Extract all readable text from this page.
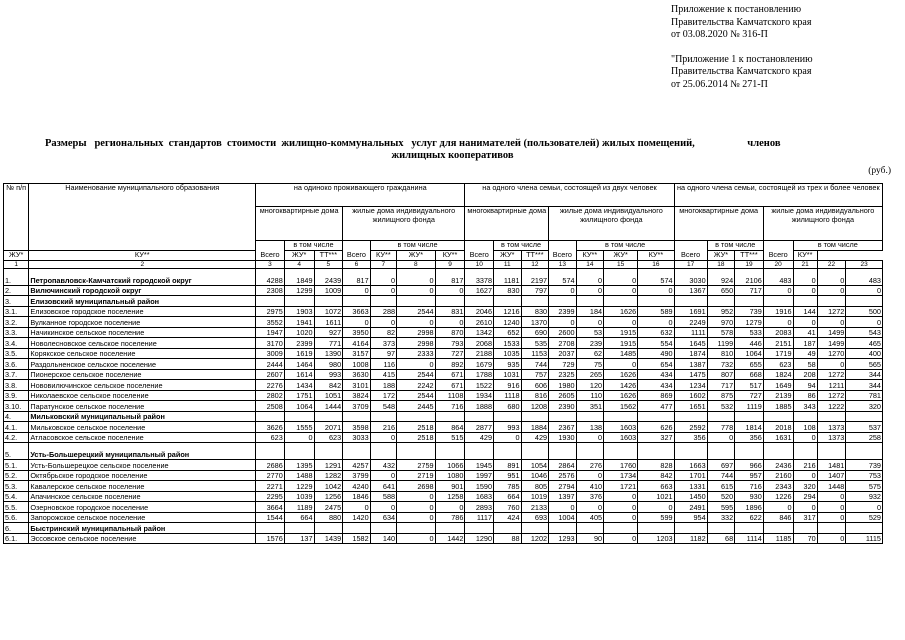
Приложение к постановлению
Правительства Камчатского края
от 03.08.2020 № 316-П
"Приложение 1 к постановлению
Правительства Камчатского края
от 25.06.2014 № 271-П
Размеры   региональных  стандартов  стоимости  жилищно-коммунальных   услуг для нанимателей (пользователей) жилых помещений,                    членов
жилищных кооперативов
(руб.)
№ п/п	Наименование муниципального образования	на одиноко проживающего гражданина							на одного члена семьи, состоящей из двух человек							на одного члена семьи, состоящей из трех и более человек						
		многоквартирные дома			жилые дома индивидуального жилищного фонда				многоквартирные дома			жилые дома индивидуального жилищного фонда				многоквартирные дома			жилые дома индивидуального жилищного фонда			
		Всего	в том числе		Всего	в том числе			Всего	в том числе		Всего	в том числе			Всего	в том числе		Всего	в том числе		
ЖУ*	КУ**		ЖУ*	ТТ***		КУ**	ЖУ*	КУ**		ЖУ*	ТТ***		КУ**	ЖУ*	КУ**		ЖУ*	ТТ***		КУ**		
1	2	3	4	5	6	7	8	9	10	11	12	13	14	15	16	17	18	19	20	21	22	23
1.	Петропавловск-Камчатский городской округ	4288	1849	2439	817	0	0	817	3378	1181	2197	574	0	0	574	3030	924	2106	483	0	0	483
2.	Вилючинский городской округ	2308	1299	1009	0	0	0	0	1627	830	797	0	0	0	0	1367	650	717	0	0	0	0
3.	Елизовский муниципальный район																					
3.1.	Елизовское городское поселение	2975	1903	1072	3663	288	2544	831	2046	1216	830	2399	184	1626	589	1691	952	739	1916	144	1272	500
3.2.	Вулканное городское поселение	3552	1941	1611	0	0	0	0	2610	1240	1370	0	0	0	0	2249	970	1279	0	0	0	0
3.3.	Начикинское сельское поселение	1947	1020	927	3950	82	2998	870	1342	652	690	2600	53	1915	632	1111	578	533	2083	41	1499	543
3.4.	Новолесновское сельское поселение	3170	2399	771	4164	373	2998	793	2068	1533	535	2708	239	1915	554	1645	1199	446	2151	187	1499	465
3.5.	Корякское сельское поселение	3009	1619	1390	3157	97	2333	727	2188	1035	1153	2037	62	1485	490	1874	810	1064	1719	49	1270	400
3.6.	Раздольненское сельское поселение	2444	1464	980	1008	116	0	892	1679	935	744	729	75	0	654	1387	732	655	623	58	0	565
3.7.	Пионерское сельское поселение	2607	1614	993	3630	415	2544	671	1788	1031	757	2325	265	1626	434	1475	807	668	1824	208	1272	344
3.8.	Нововилючинское сельское поселение	2276	1434	842	3101	188	2242	671	1522	916	606	1980	120	1426	434	1234	717	517	1649	94	1211	344
3.9.	Николаевское сельское поселение	2802	1751	1051	3824	172	2544	1108	1934	1118	816	2605	110	1626	869	1602	875	727	2139	86	1272	781
3.10.	Паратунское сельское поселение	2508	1064	1444	3709	548	2445	716	1888	680	1208	2390	351	1562	477	1651	532	1119	1885	343	1222	320
4.	Мильковский муниципальный район																					
4.1.	Мильковское сельское поселение	3626	1555	2071	3598	216	2518	864	2877	993	1884	2367	138	1603	626	2592	778	1814	2018	108	1373	537
4.2.	Атласовское сельское поселение	623	0	623	3033	0	2518	515	429	0	429	1930	0	1603	327	356	0	356	1631	0	1373	258
5.	Усть-Большерецкий муниципальный район																					
5.1.	Усть-Большерецкое сельское поселение	2686	1395	1291	4257	432	2759	1066	1945	891	1054	2864	276	1760	828	1663	697	966	2436	216	1481	739
5.2.	Октябрьское городское поселение	2770	1488	1282	3799	0	2719	1080	1997	951	1046	2576	0	1734	842	1701	744	957	2160	0	1407	753
5.3.	Кавалерское сельское поселение	2271	1229	1042	4240	641	2698	901	1590	785	805	2794	410	1721	663	1331	615	716	2343	320	1448	575
5.4.	Апачинское сельское поселение	2295	1039	1256	1846	588	0	1258	1683	664	1019	1397	376	0	1021	1450	520	930	1226	294	0	932
5.5.	Озерновское городское поселение	3664	1189	2475	0	0	0	0	2893	760	2133	0	0	0	0	2491	595	1896	0	0	0	0
5.6.	Запорожское сельское поселение	1544	664	880	1420	634	0	786	1117	424	693	1004	405	0	599	954	332	622	846	317	0	529
6.	Быстринский муниципальный район																					
6.1.	Эссовское сельское поселение	1576	137	1439	1582	140	0	1442	1290	88	1202	1293	90	0	1203	1182	68	1114	1185	70	0	1115
